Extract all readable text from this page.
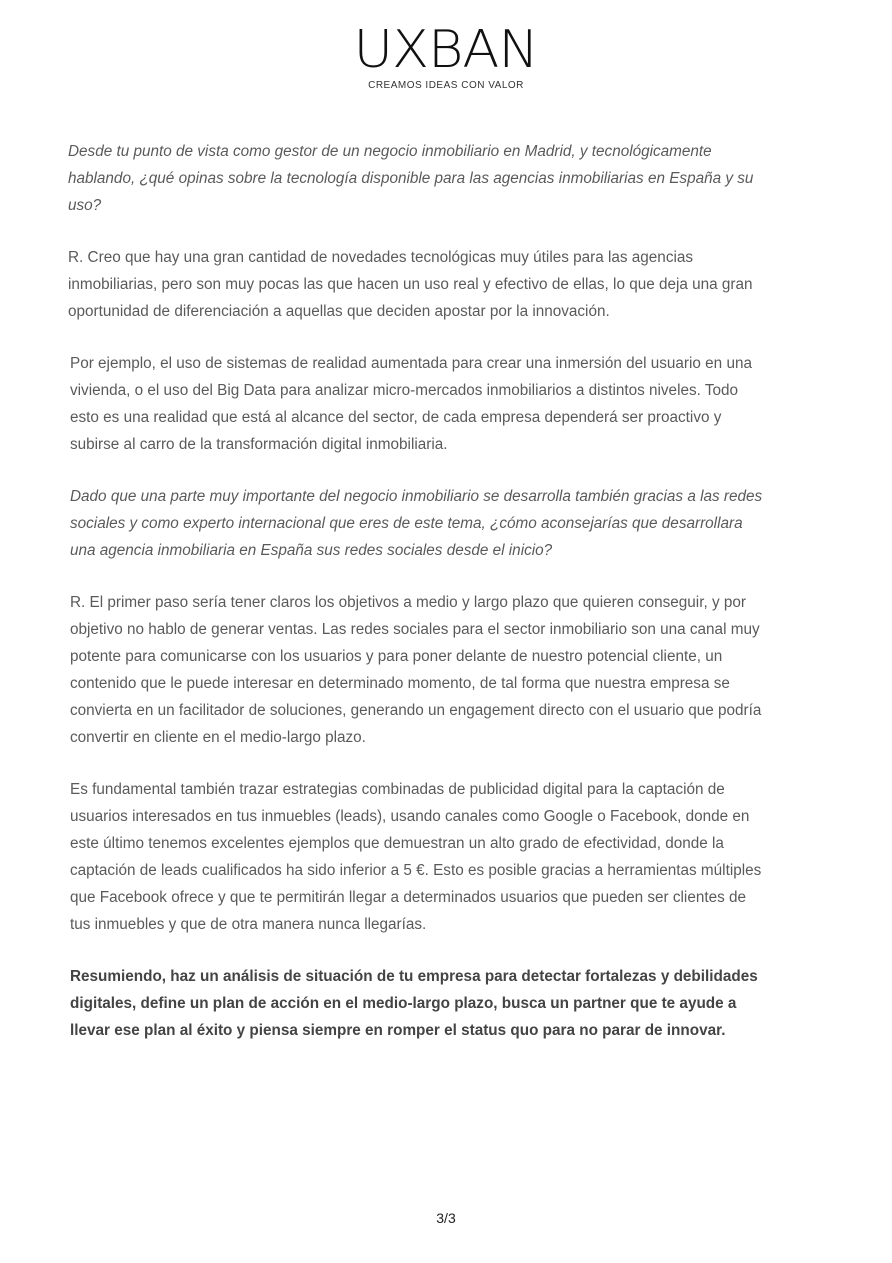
UXBAN
CREAMOS IDEAS CON VALOR

Desde tu punto de vista como gestor de un negocio inmobiliario en Madrid, y tecnológicamente hablando, ¿qué opinas sobre la tecnología disponible para las agencias inmobiliarias en España y su uso?

R. Creo que hay una gran cantidad de novedades tecnológicas muy útiles para las agencias inmobiliarias, pero son muy pocas las que hacen un uso real y efectivo de ellas, lo que deja una gran oportunidad de diferenciación a aquellas que deciden apostar por la innovación.

Por ejemplo, el uso de sistemas de realidad aumentada para crear una inmersión del usuario en una vivienda, o el uso del Big Data para analizar micro-mercados inmobiliarios a distintos niveles. Todo esto es una realidad que está al alcance del sector, de cada empresa dependerá ser proactivo y subirse al carro de la transformación digital inmobiliaria.

Dado que una parte muy importante del negocio inmobiliario se desarrolla también gracias a las redes sociales y como experto internacional que eres de este tema, ¿cómo aconsejarías que desarrollara una agencia inmobiliaria en España sus redes sociales desde el inicio?

R. El primer paso sería tener claros los objetivos a medio y largo plazo que quieren conseguir, y por objetivo no hablo de generar ventas. Las redes sociales para el sector inmobiliario son una canal muy potente para comunicarse con los usuarios y para poner delante de nuestro potencial cliente, un contenido que le puede interesar en determinado momento, de tal forma que nuestra empresa se convierta en un facilitador de soluciones, generando un engagement directo con el usuario que podría convertir en cliente en el medio-largo plazo.

Es fundamental también trazar estrategias combinadas de publicidad digital para la captación de usuarios interesados en tus inmuebles (leads), usando canales como Google o Facebook, donde en este último tenemos excelentes ejemplos que demuestran un alto grado de efectividad, donde la captación de leads cualificados ha sido inferior a 5 €. Esto es posible gracias a herramientas múltiples que Facebook ofrece y que te permitirán llegar a determinados usuarios que pueden ser clientes de tus inmuebles y que de otra manera nunca llegarías.

Resumiendo, haz un análisis de situación de tu empresa para detectar fortalezas y debilidades digitales, define un plan de acción en el medio-largo plazo, busca un partner que te ayude a llevar ese plan al éxito y piensa siempre en romper el status quo para no parar de innovar.

3/3
